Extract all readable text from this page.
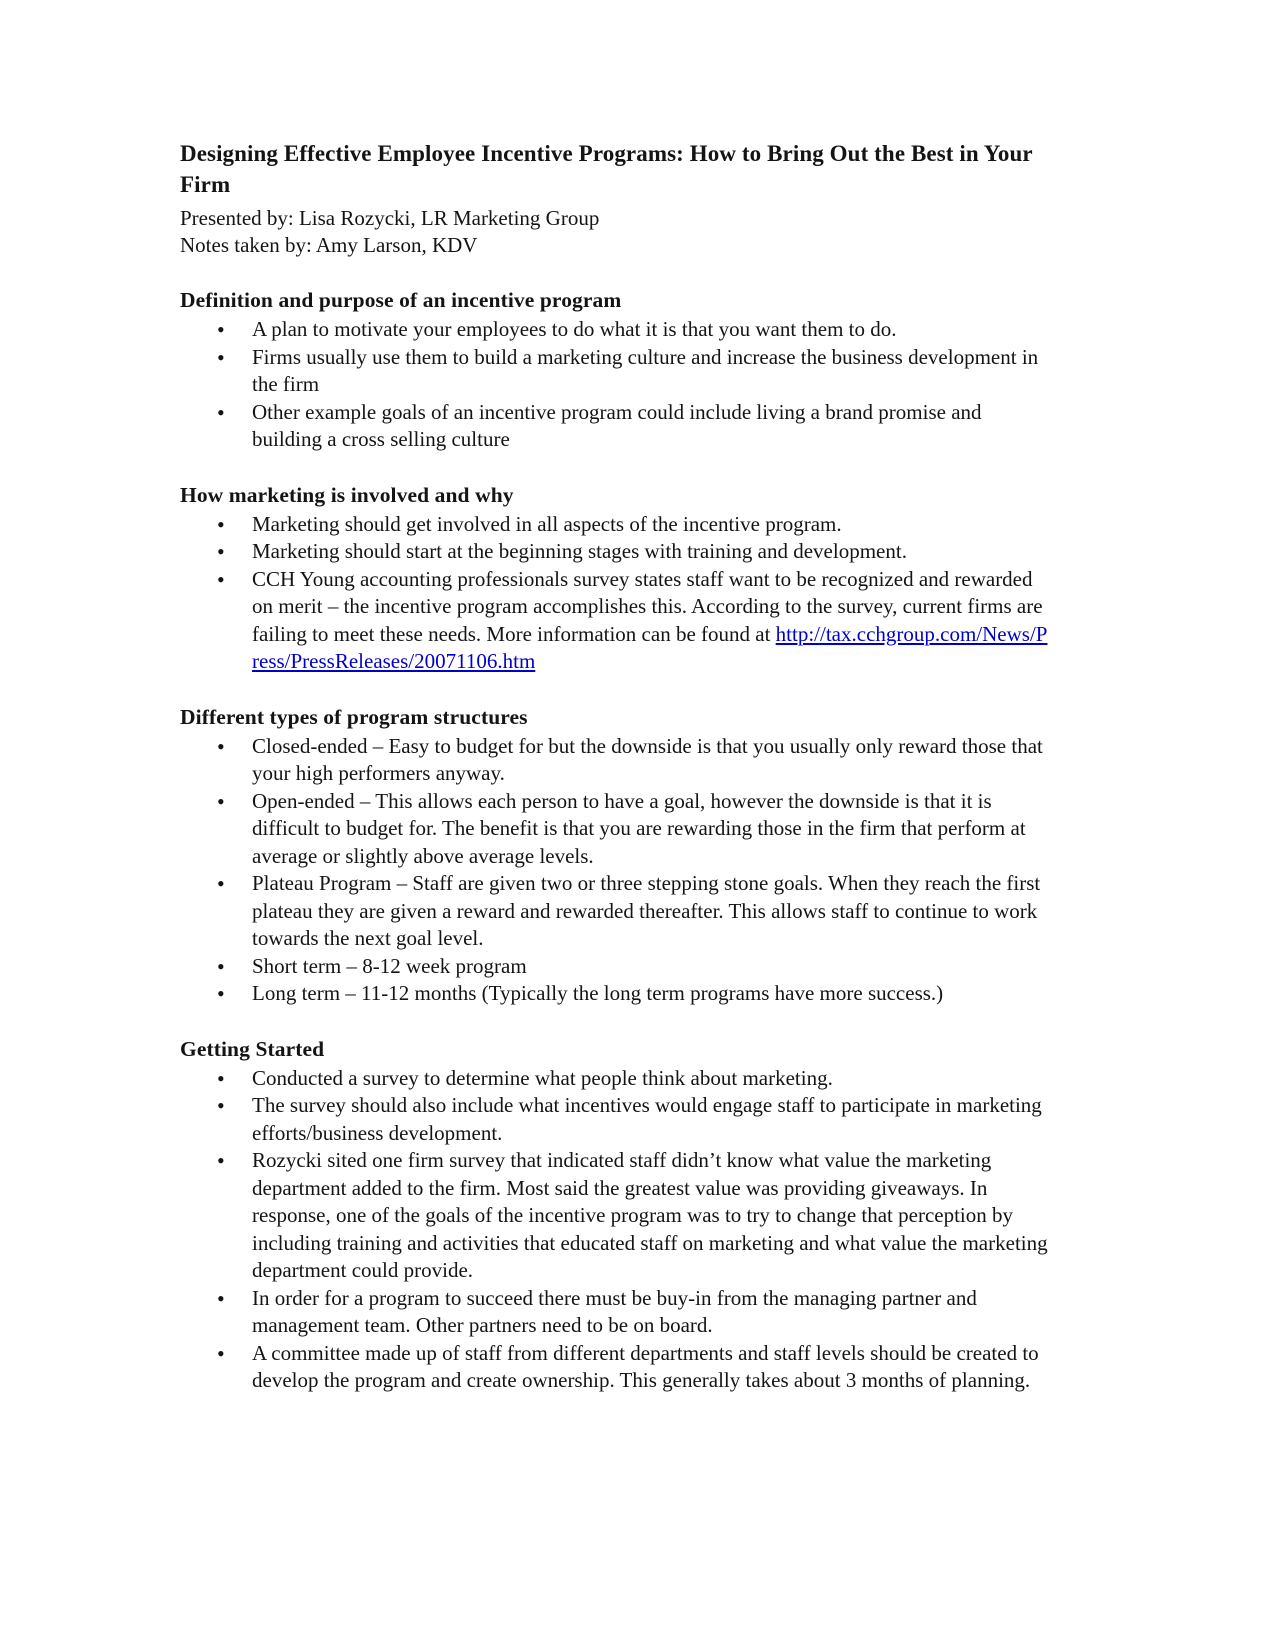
Designing Effective Employee Incentive Programs: How to Bring Out the Best in Your Firm

Presented by: Lisa Rozycki, LR Marketing Group

Notes taken by: Amy Larson, KDV

Definition and purpose of an incentive program
• A plan to motivate your employees to do what it is that you want them to do.
• Firms usually use them to build a marketing culture and increase the business development in the firm
• Other example goals of an incentive program could include living a brand promise and building a cross selling culture
How marketing is involved and why
• Marketing should get involved in all aspects of the incentive program.
• Marketing should start at the beginning stages with training and development.
• CCH Young accounting professionals survey states staff want to be recognized and rewarded on merit – the incentive program accomplishes this. According to the survey, current firms are failing to meet these needs. More information can be found at http://tax.cchgroup.com/News/Press/PressReleases/20071106.htm
Different types of program structures
• Closed-ended – Easy to budget for but the downside is that you usually only reward those that your high performers anyway.
• Open-ended – This allows each person to have a goal, however the downside is that it is difficult to budget for. The benefit is that you are rewarding those in the firm that perform at average or slightly above average levels.
• Plateau Program – Staff are given two or three stepping stone goals. When they reach the first plateau they are given a reward and rewarded thereafter. This allows staff to continue to work towards the next goal level.
• Short term – 8-12 week program
• Long term – 11-12 months (Typically the long term programs have more success.)
Getting Started
• Conducted a survey to determine what people think about marketing.
• The survey should also include what incentives would engage staff to participate in marketing efforts/business development.
• Rozycki sited one firm survey that indicated staff didn’t know what value the marketing department added to the firm. Most said the greatest value was providing giveaways. In response, one of the goals of the incentive program was to try to change that perception by including training and activities that educated staff on marketing and what value the marketing department could provide.
• In order for a program to succeed there must be buy-in from the managing partner and management team. Other partners need to be on board.
• A committee made up of staff from different departments and staff levels should be created to develop the program and create ownership. This generally takes about 3 months of planning.
